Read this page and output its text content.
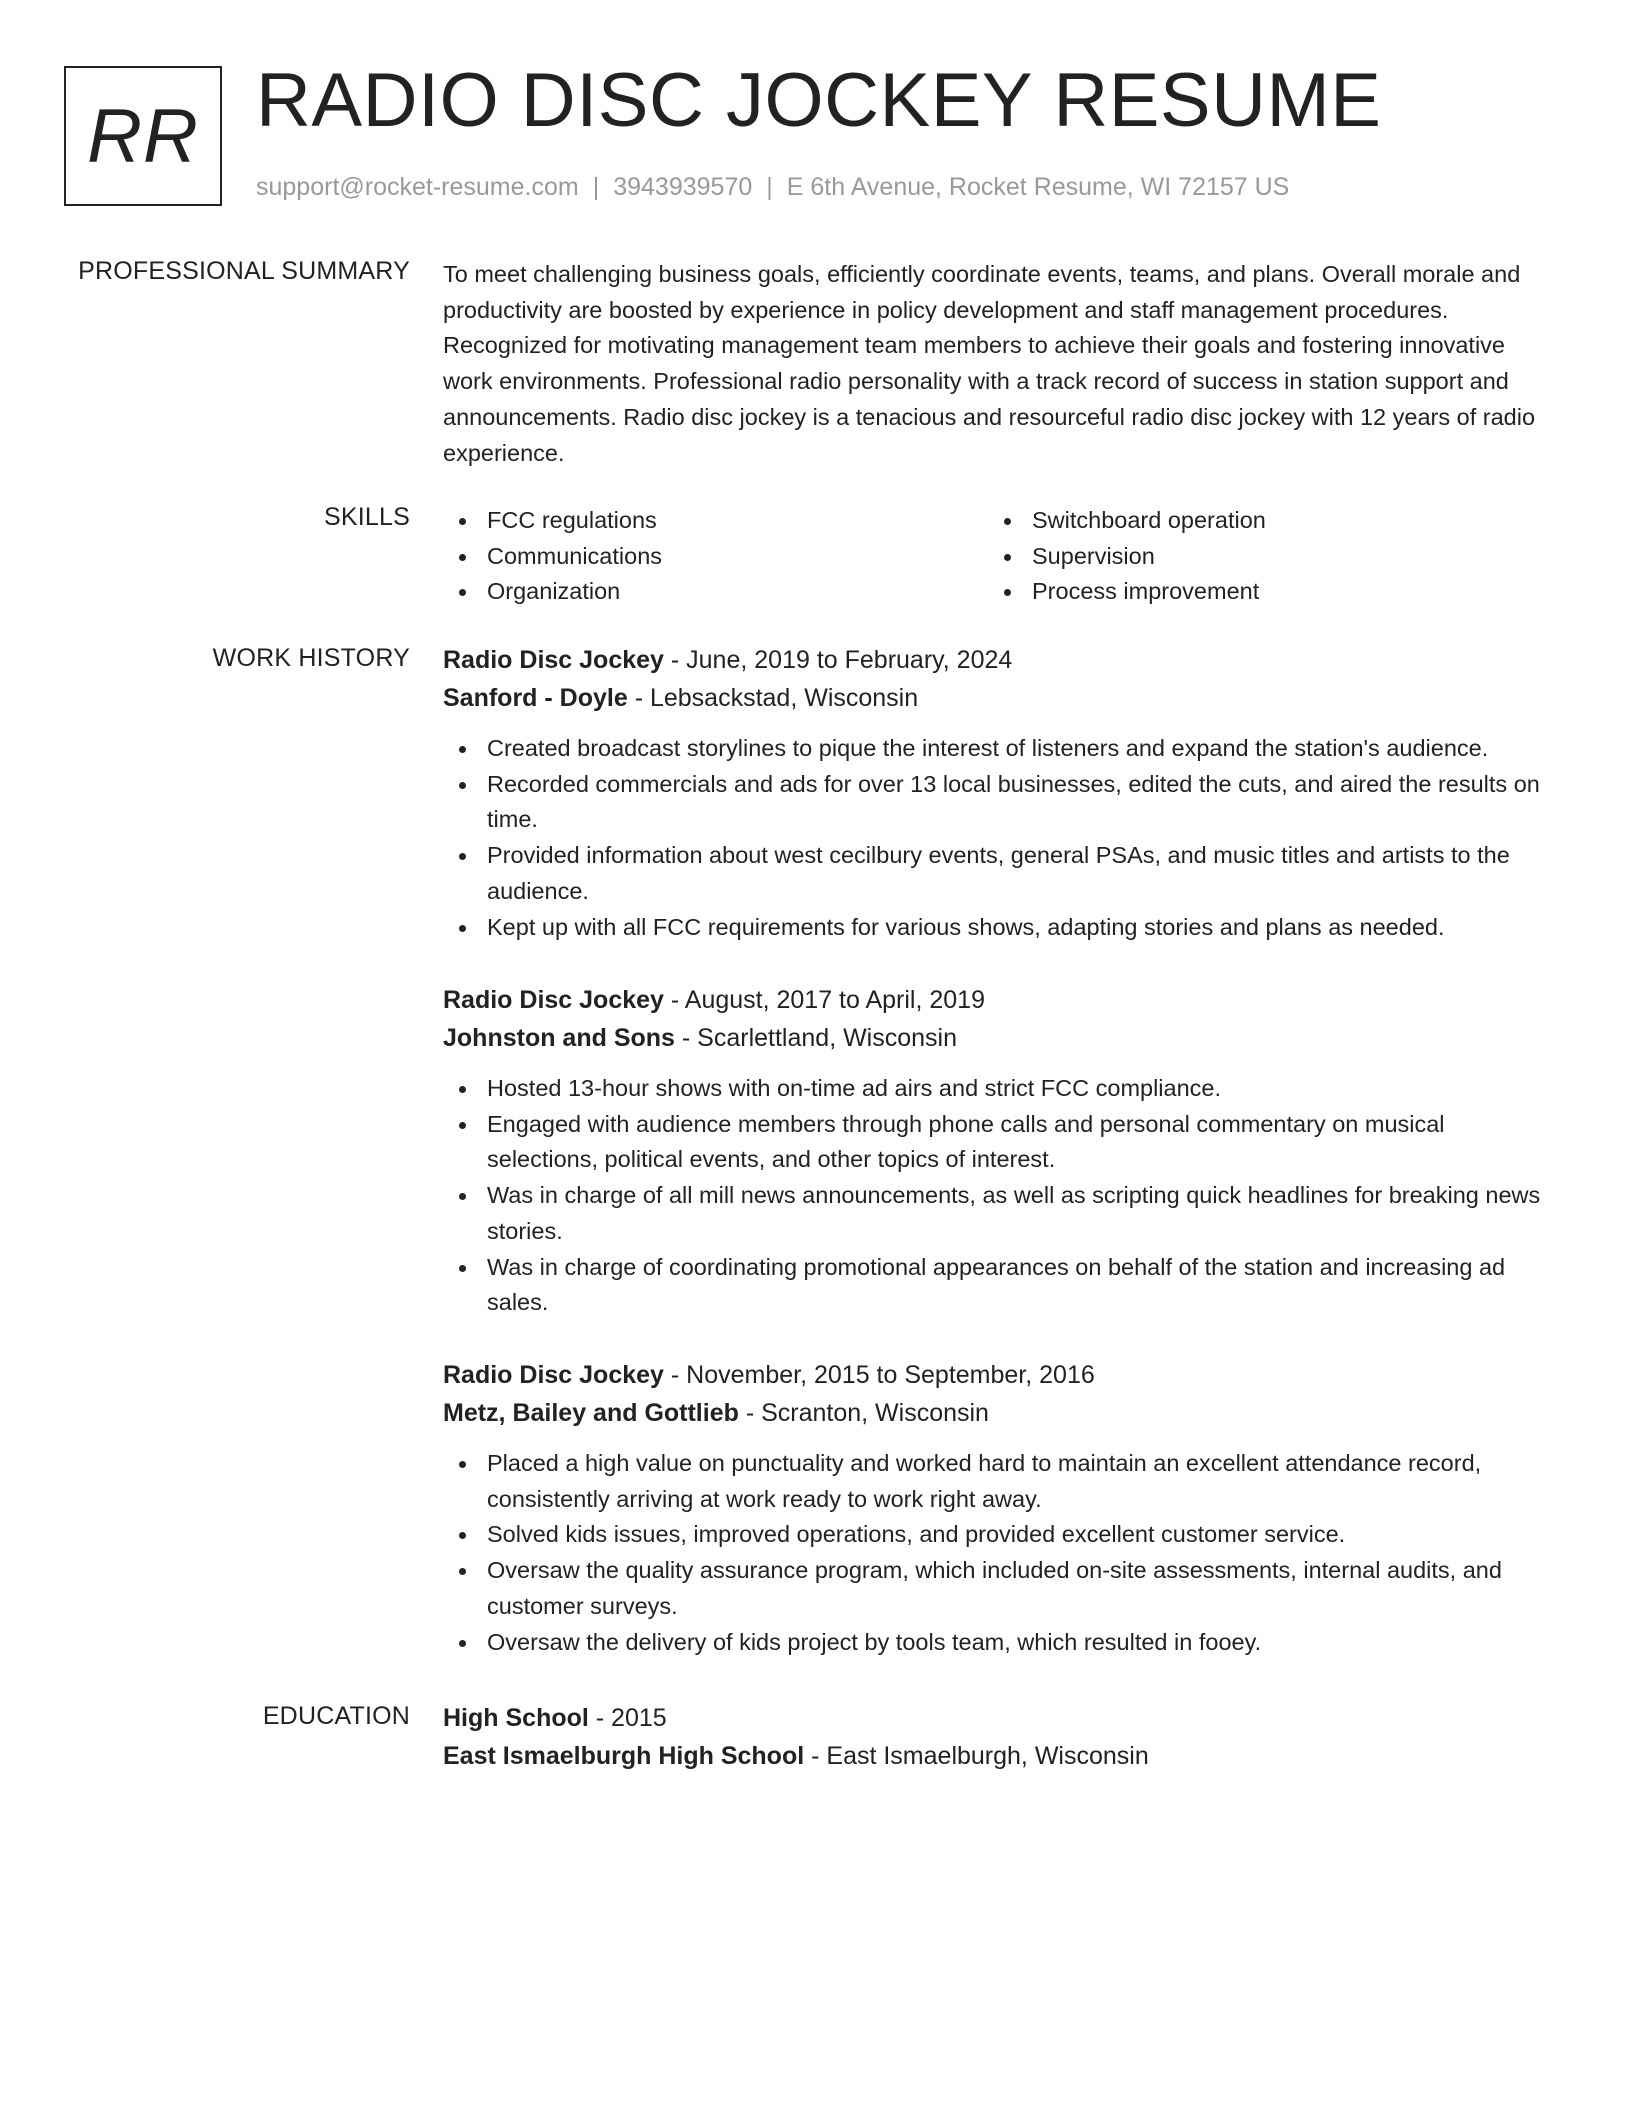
RR RADIO DISC JOCKEY RESUME
support@rocket-resume.com | 3943939570 | E 6th Avenue, Rocket Resume, WI 72157 US
PROFESSIONAL SUMMARY To meet challenging business goals, efficiently coordinate events, teams, and plans. Overall morale and productivity are boosted by experience in policy development and staff management procedures. Recognized for motivating management team members to achieve their goals and fostering innovative work environments. Professional radio personality with a track record of success in station support and announcements. Radio disc jockey is a tenacious and resourceful radio disc jockey with 12 years of radio experience.

SKILLS	FCC regulations
Communications
Organization
Switchboard operation
Supervision
Process improvement
WORK HISTORY Radio Disc Jockey - June, 2019 to February, 2024
Sanford - Doyle - Lebsackstad, Wisconsin
Created broadcast storylines to pique the interest of listeners and expand the station's audience.
Recorded commercials and ads for over 13 local businesses, edited the cuts, and aired the results on time.
Provided information about west cecilbury events, general PSAs, and music titles and artists to the audience.
Kept up with all FCC requirements for various shows, adapting stories and plans as needed.
Radio Disc Jockey - August, 2017 to April, 2019
Johnston and Sons - Scarlettland, Wisconsin
Hosted 13-hour shows with on-time ad airs and strict FCC compliance.
Engaged with audience members through phone calls and personal commentary on musical selections, political events, and other topics of interest.
Was in charge of all mill news announcements, as well as scripting quick headlines for breaking news stories.
Was in charge of coordinating promotional appearances on behalf of the station and increasing ad sales.
Radio Disc Jockey - November, 2015 to September, 2016
Metz, Bailey and Gottlieb - Scranton, Wisconsin
Placed a high value on punctuality and worked hard to maintain an excellent attendance record, consistently arriving at work ready to work right away.
Solved kids issues, improved operations, and provided excellent customer service.
Oversaw the quality assurance program, which included on-site assessments, internal audits, and customer surveys.
Oversaw the delivery of kids project by tools team, which resulted in fooey.
EDUCATION High School - 2015
East Ismaelburgh High School - East Ismaelburgh, Wisconsin
